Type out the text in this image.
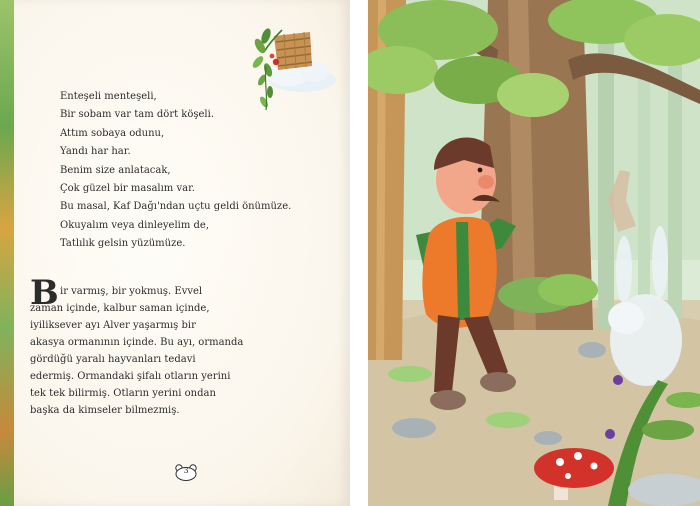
Enteşeli menteşeli,
Bir sobam var tam dört köşeli.
Attım sobaya odunu,
Yandı har har.
Benim size anlatacak,
Çok güzel bir masalım var.
Bu masal, Kaf Dağı'ndan uçtu geldi önümüze.
Okuyalım veya dinleyelim de,
Tatlılık gelsin yüzümüze.
B ir varmış, bir yokmuş. Evvel
zaman içinde, kalbur saman içinde,
iyiliksever ayı Alver yaşarmış bir
akasya ormanının içinde. Bu ayı, ormanda
gördüğü yaralı hayvanları tedavi
edermiş. Ormandaki şifalı otların yerini
tek tek bilirmiş. Otların yerini ondan
başka da kimseler bilmezmiş.
3
